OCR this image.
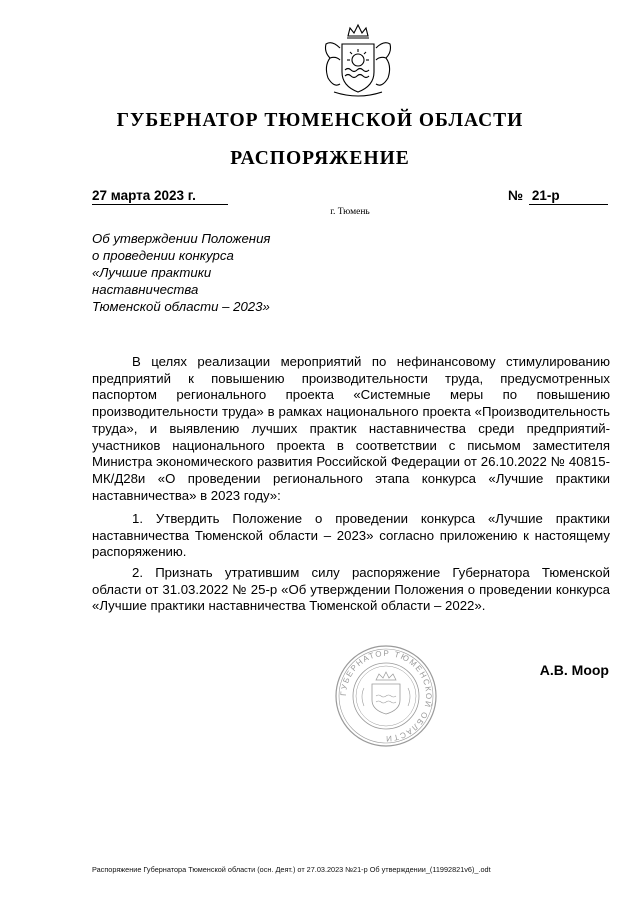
ГУБЕРНАТОР ТЮМЕНСКОЙ ОБЛАСТИ
РАСПОРЯЖЕНИЕ
27 марта 2023 г.	№ 21-р
г. Тюмень
Об утверждении Положения
о проведении конкурса
«Лучшие практики
наставничества
Тюменской области – 2023»

В целях реализации мероприятий по нефинансовому стимулированию предприятий к повышению производительности труда, предусмотренных паспортом регионального проекта «Системные меры по повышению производительности труда» в рамках национального проекта «Производительность труда», и выявлению лучших практик наставничества среди предприятий-участников национального проекта в соответствии с письмом заместителя Министра экономического развития Российской Федерации от 26.10.2022 № 40815-МК/Д28и «О проведении регионального этапа конкурса «Лучшие практики наставничества» в 2023 году»:

1. Утвердить Положение о проведении конкурса «Лучшие практики наставничества Тюменской области – 2023» согласно приложению к настоящему распоряжению.

2. Признать утратившим силу распоряжение Губернатора Тюменской области от 31.03.2022 № 25-р «Об утверждении Положения о проведении конкурса «Лучшие практики наставничества Тюменской области – 2022».

ГУБЕРНАТОР ТЮМЕНСКОЙ ОБЛАСТИ
А.В. Моор
Распоряжение Губернатора Тюменской области (осн. Деят.) от 27.03.2023 №21-р Об утверждении_(11992821v6)_.odt
